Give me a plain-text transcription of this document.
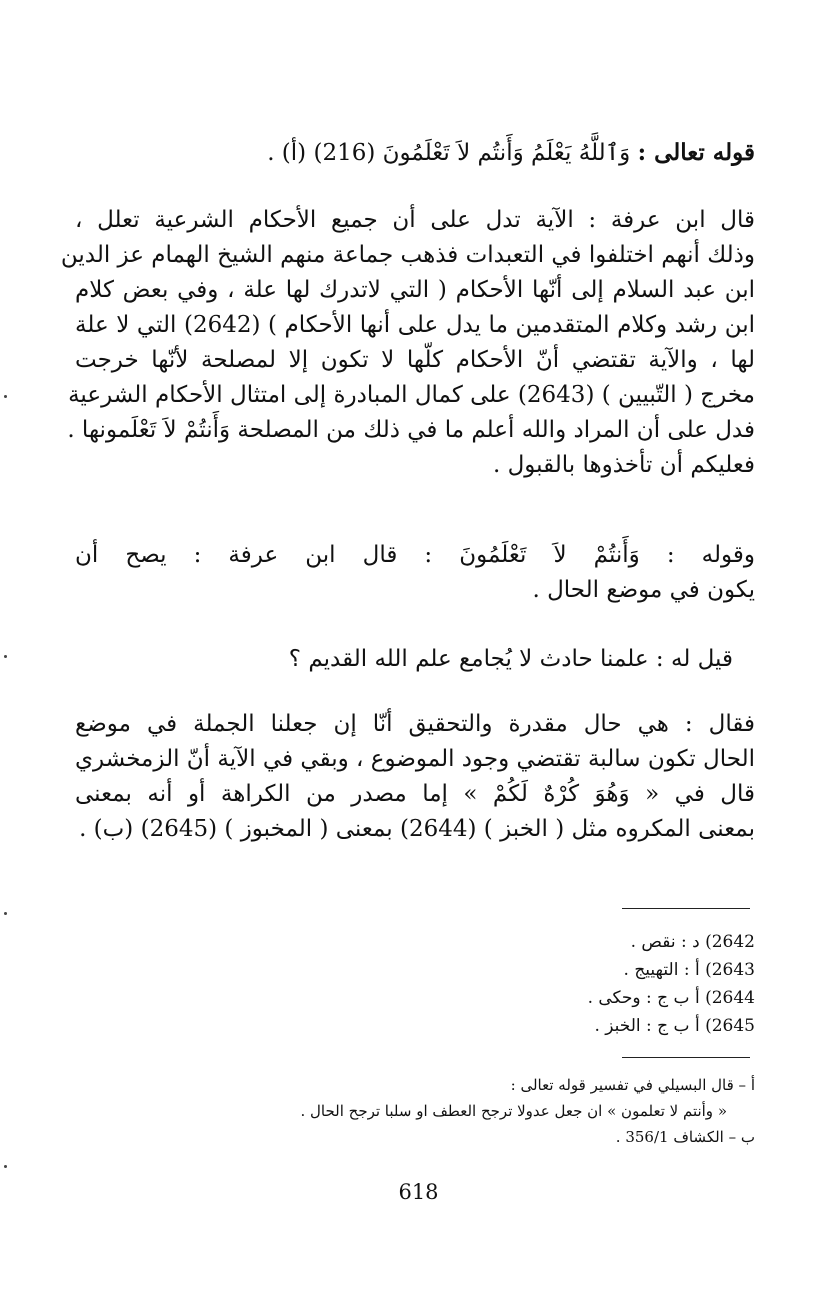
قوله تعالى : وَٱللَّهُ يَعْلَمُ وَأَنتُم لاَ تَعْلَمُونَ (216) (أ) .
قال ابن عرفة : الآية تدل على أن جميع الأحكام الشرعية تعلل ،
وذلك أنهم اختلفوا في التعبدات فذهب جماعة منهم الشيخ الهمام عز الدين
ابن عبد السلام إلى أنّها الأحكام ( التي لاتدرك لها علة ، وفي بعض كلام
ابن رشد وكلام المتقدمين ما يدل على أنها الأحكام ) (2642) التي لا علة
لها ، والآية تقتضي أنّ الأحكام كلّها لا تكون إلا لمصلحة لأنّها خرجت
مخرج ( التّبيين ) (2643) على كمال المبادرة إلى امتثال الأحكام الشرعية
فدل على أن المراد والله أعلم ما في ذلك من المصلحة وَأَنتُمْ لاَ تَعْلَمونها .
فعليكم أن تأخذوها بالقبول .
وقوله : وَأَنتُمْ لاَ تَعْلَمُونَ : قال ابن عرفة : يصح أن
يكون في موضع الحال .
قيل له : علمنا حادث لا يُجامع علم الله القديم ؟
فقال : هي حال مقدرة والتحقيق أنّا إن جعلنا الجملة في موضع
الحال تكون سالبة تقتضي وجود الموضوع ، وبقي في الآية أنّ الزمخشري
قال في « وَهُوَ كُرْهٌ لَكُمْ » إما مصدر من الكراهة أو أنه بمعنى
بمعنى المكروه مثل ( الخبز ) (2644) بمعنى ( المخبوز ) (2645) (ب) .
2642) د : نقص .
2643) أ : التهييج .
2644) أ ب ج : وحكى .
2645) أ ب ج : الخبز .
أ – قال البسيلي في تفسير قوله تعالى :
« وأنتم لا تعلمون » ان جعل عدولا ترجح العطف او سلبا ترجح الحال .
ب – الكشاف 356/1 .
618
